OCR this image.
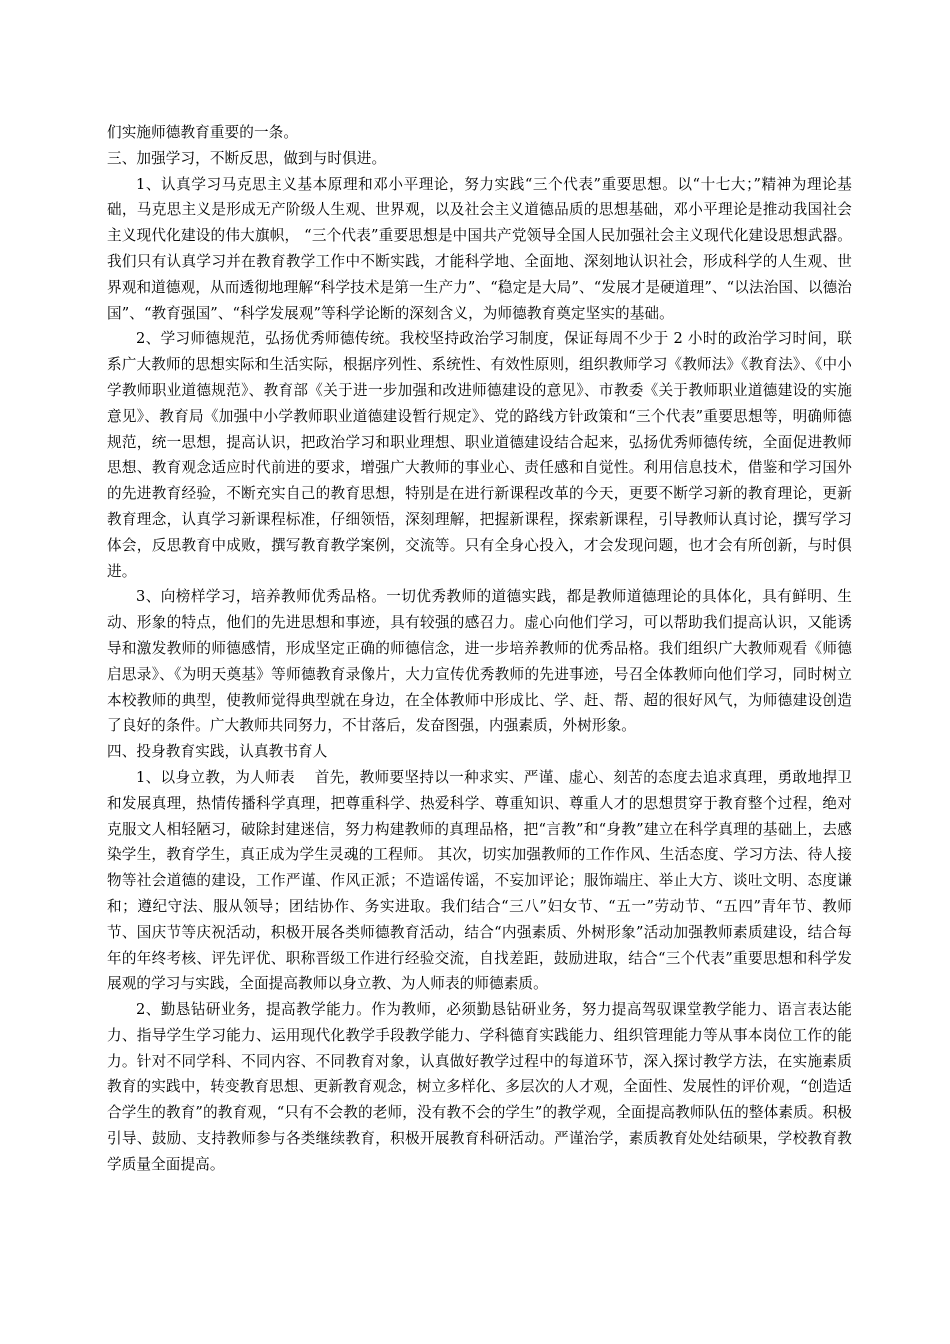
们实施师德教育重要的一条。

三、加强学习，不断反思，做到与时俱进。

1、认真学习马克思主义基本原理和邓小平理论，努力实践“三个代表”重要思想。以“十七大；”精神为理论基础，马克思主义是形成无产阶级人生观、世界观，以及社会主义道德品质的思想基础，邓小平理论是推动我国社会主义现代化建设的伟大旗帜， “三个代表”重要思想是中国共产党领导全国人民加强社会主义现代化建设思想武器。我们只有认真学习并在教育教学工作中不断实践，才能科学地、全面地、深刻地认识社会，形成科学的人生观、世界观和道德观，从而透彻地理解“科学技术是第一生产力”、“稳定是大局”、“发展才是硬道理”、“以法治国、以德治国”、“教育强国”、“科学发展观”等科学论断的深刻含义，为师德教育奠定坚实的基础。

2、学习师德规范，弘扬优秀师德传统。我校坚持政治学习制度，保证每周不少于 2 小时的政治学习时间，联系广大教师的思想实际和生活实际，根据序列性、系统性、有效性原则，组织教师学习《教师法》《教育法》、《中小学教师职业道德规范》、教育部《关于进一步加强和改进师德建设的意见》、市教委《关于教师职业道德建设的实施意见》、教育局《加强中小学教师职业道德建设暂行规定》、党的路线方针政策和“三个代表”重要思想等，明确师德规范，统一思想，提高认识，把政治学习和职业理想、职业道德建设结合起来，弘扬优秀师德传统，全面促进教师思想、教育观念适应时代前进的要求，增强广大教师的事业心、责任感和自觉性。利用信息技术，借鉴和学习国外的先进教育经验，不断充实自己的教育思想，特别是在进行新课程改革的今天，更要不断学习新的教育理论，更新教育理念，认真学习新课程标准，仔细领悟，深刻理解，把握新课程，探索新课程，引导教师认真讨论，撰写学习体会，反思教育中成败，撰写教育教学案例，交流等。只有全身心投入，才会发现问题，也才会有所创新，与时俱进。

3、向榜样学习，培养教师优秀品格。一切优秀教师的道德实践，都是教师道德理论的具体化，具有鲜明、生动、形象的特点，他们的先进思想和事迹，具有较强的感召力。虚心向他们学习，可以帮助我们提高认识，又能诱导和激发教师的师德感情，形成坚定正确的师德信念，进一步培养教师的优秀品格。我们组织广大教师观看《师德启思录》、《为明天奠基》等师德教育录像片，大力宣传优秀教师的先进事迹，号召全体教师向他们学习，同时树立本校教师的典型，使教师觉得典型就在身边，在全体教师中形成比、学、赶、帮、超的很好风气，为师德建设创造了良好的条件。广大教师共同努力，不甘落后，发奋图强，内强素质，外树形象。

四、投身教育实践，认真教书育人

1、以身立教，为人师表　 首先，教师要坚持以一种求实、严谨、虚心、刻苦的态度去追求真理，勇敢地捍卫和发展真理，热情传播科学真理，把尊重科学、热爱科学、尊重知识、尊重人才的思想贯穿于教育整个过程，绝对克服文人相轻陋习，破除封建迷信，努力构建教师的真理品格，把“言教”和“身教”建立在科学真理的基础上，去感染学生，教育学生，真正成为学生灵魂的工程师。 其次，切实加强教师的工作作风、生活态度、学习方法、待人接物等社会道德的建设，工作严谨、作风正派；不造谣传谣，不妄加评论；服饰端庄、举止大方、谈吐文明、态度谦和；遵纪守法、服从领导；团结协作、务实进取。我们结合“三八”妇女节、“五一”劳动节、“五四”青年节、教师节、国庆节等庆祝活动，积极开展各类师德教育活动，结合“内强素质、外树形象”活动加强教师素质建设，结合每年的年终考核、评先评优、职称晋级工作进行经验交流，自找差距，鼓励进取，结合“三个代表”重要思想和科学发展观的学习与实践，全面提高教师以身立教、为人师表的师德素质。

2、勤恳钻研业务，提高教学能力。作为教师，必须勤恳钻研业务，努力提高驾驭课堂教学能力、语言表达能力、指导学生学习能力、运用现代化教学手段教学能力、学科德育实践能力、组织管理能力等从事本岗位工作的能力。针对不同学科、不同内容、不同教育对象，认真做好教学过程中的每道环节，深入探讨教学方法，在实施素质教育的实践中，转变教育思想、更新教育观念，树立多样化、多层次的人才观，全面性、发展性的评价观，“创造适合学生的教育”的教育观，“只有不会教的老师，没有教不会的学生”的教学观，全面提高教师队伍的整体素质。积极引导、鼓励、支持教师参与各类继续教育，积极开展教育科研活动。严谨治学，素质教育处处结硕果，学校教育教学质量全面提高。
